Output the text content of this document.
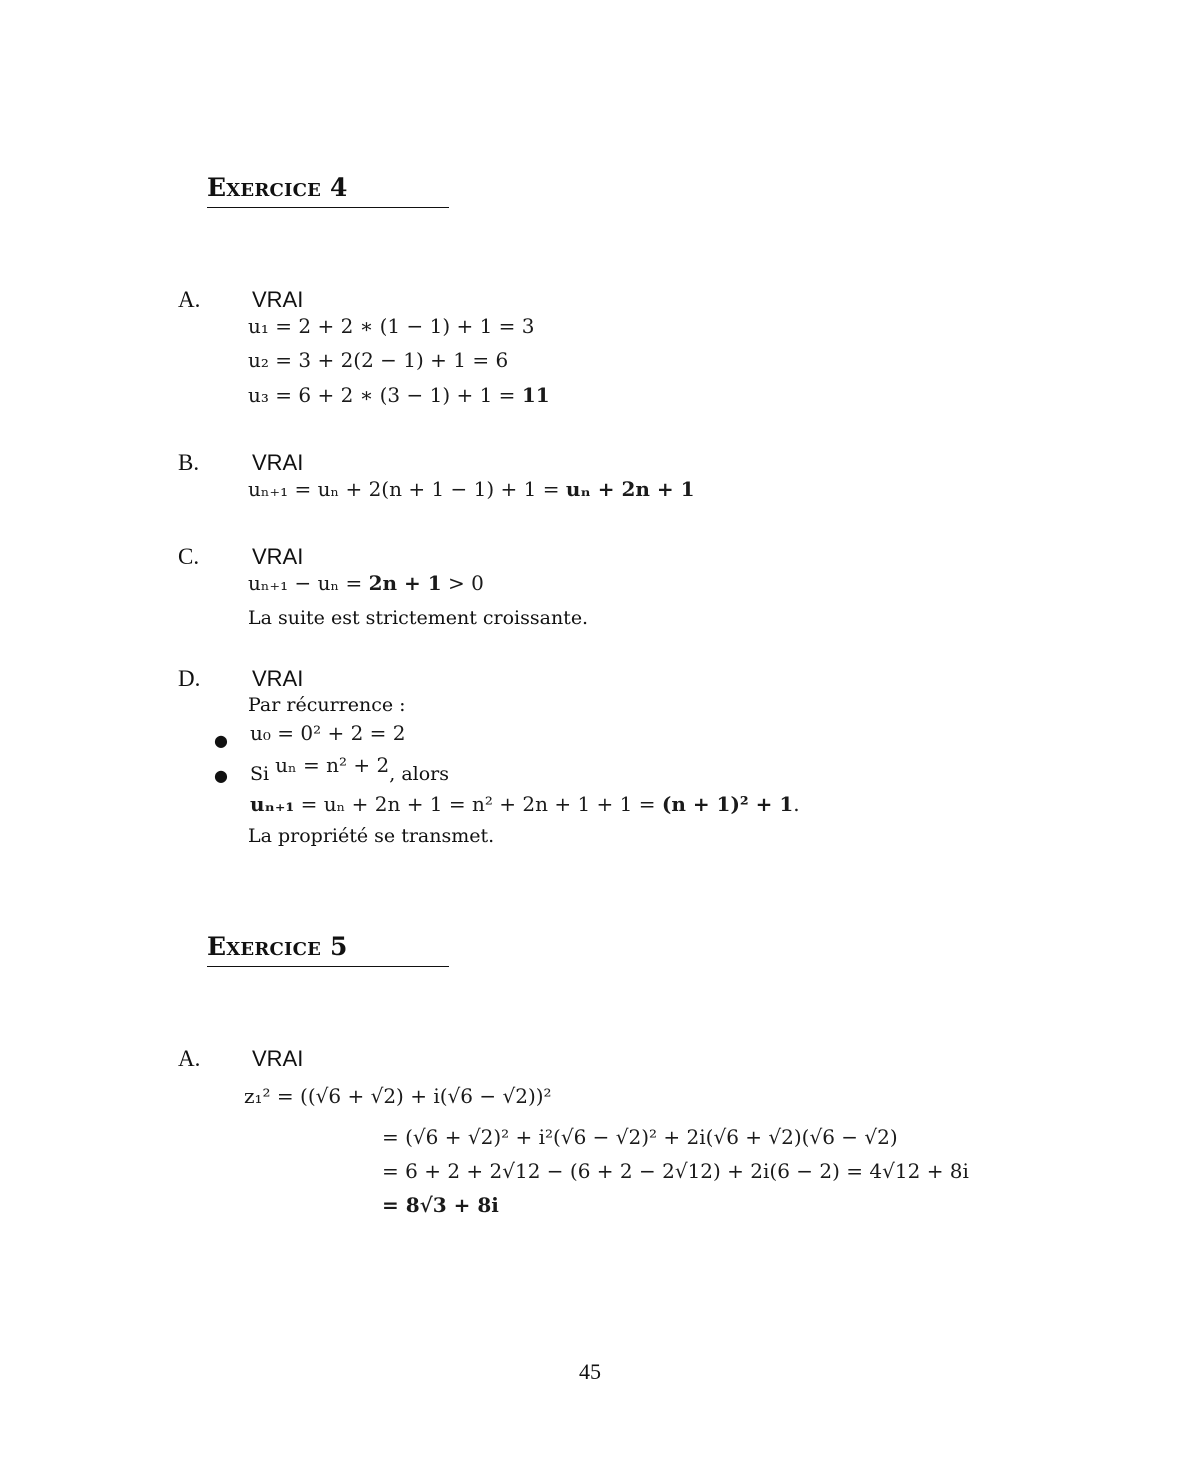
Exercice 4
A. VRAI
u₁ = 2 + 2 ∗ (1 − 1) + 1 = 3
u₂ = 3 + 2(2 − 1) + 1 = 6
u₃ = 6 + 2 ∗ (3 − 1) + 1 = 11
B. VRAI
uₙ₊₁ = uₙ + 2(n + 1 − 1) + 1 = uₙ + 2n + 1
C. VRAI
uₙ₊₁ − uₙ = 2n + 1 > 0
La suite est strictement croissante.
D. VRAI
Par récurrence :
● u₀ = 0² + 2 = 2
● Si uₙ = n² + 2, alors
uₙ₊₁ = uₙ + 2n + 1 = n² + 2n + 1 + 1 = (n + 1)² + 1.
La propriété se transmet.
Exercice 5
A. VRAI
z₁² = ((√6 + √2) + i(√6 − √2))²
= (√6 + √2)² + i²(√6 − √2)² + 2i(√6 + √2)(√6 − √2)
= 6 + 2 + 2√12 − (6 + 2 − 2√12) + 2i(6 − 2) = 4√12 + 8i
= 8√3 + 8i
45
